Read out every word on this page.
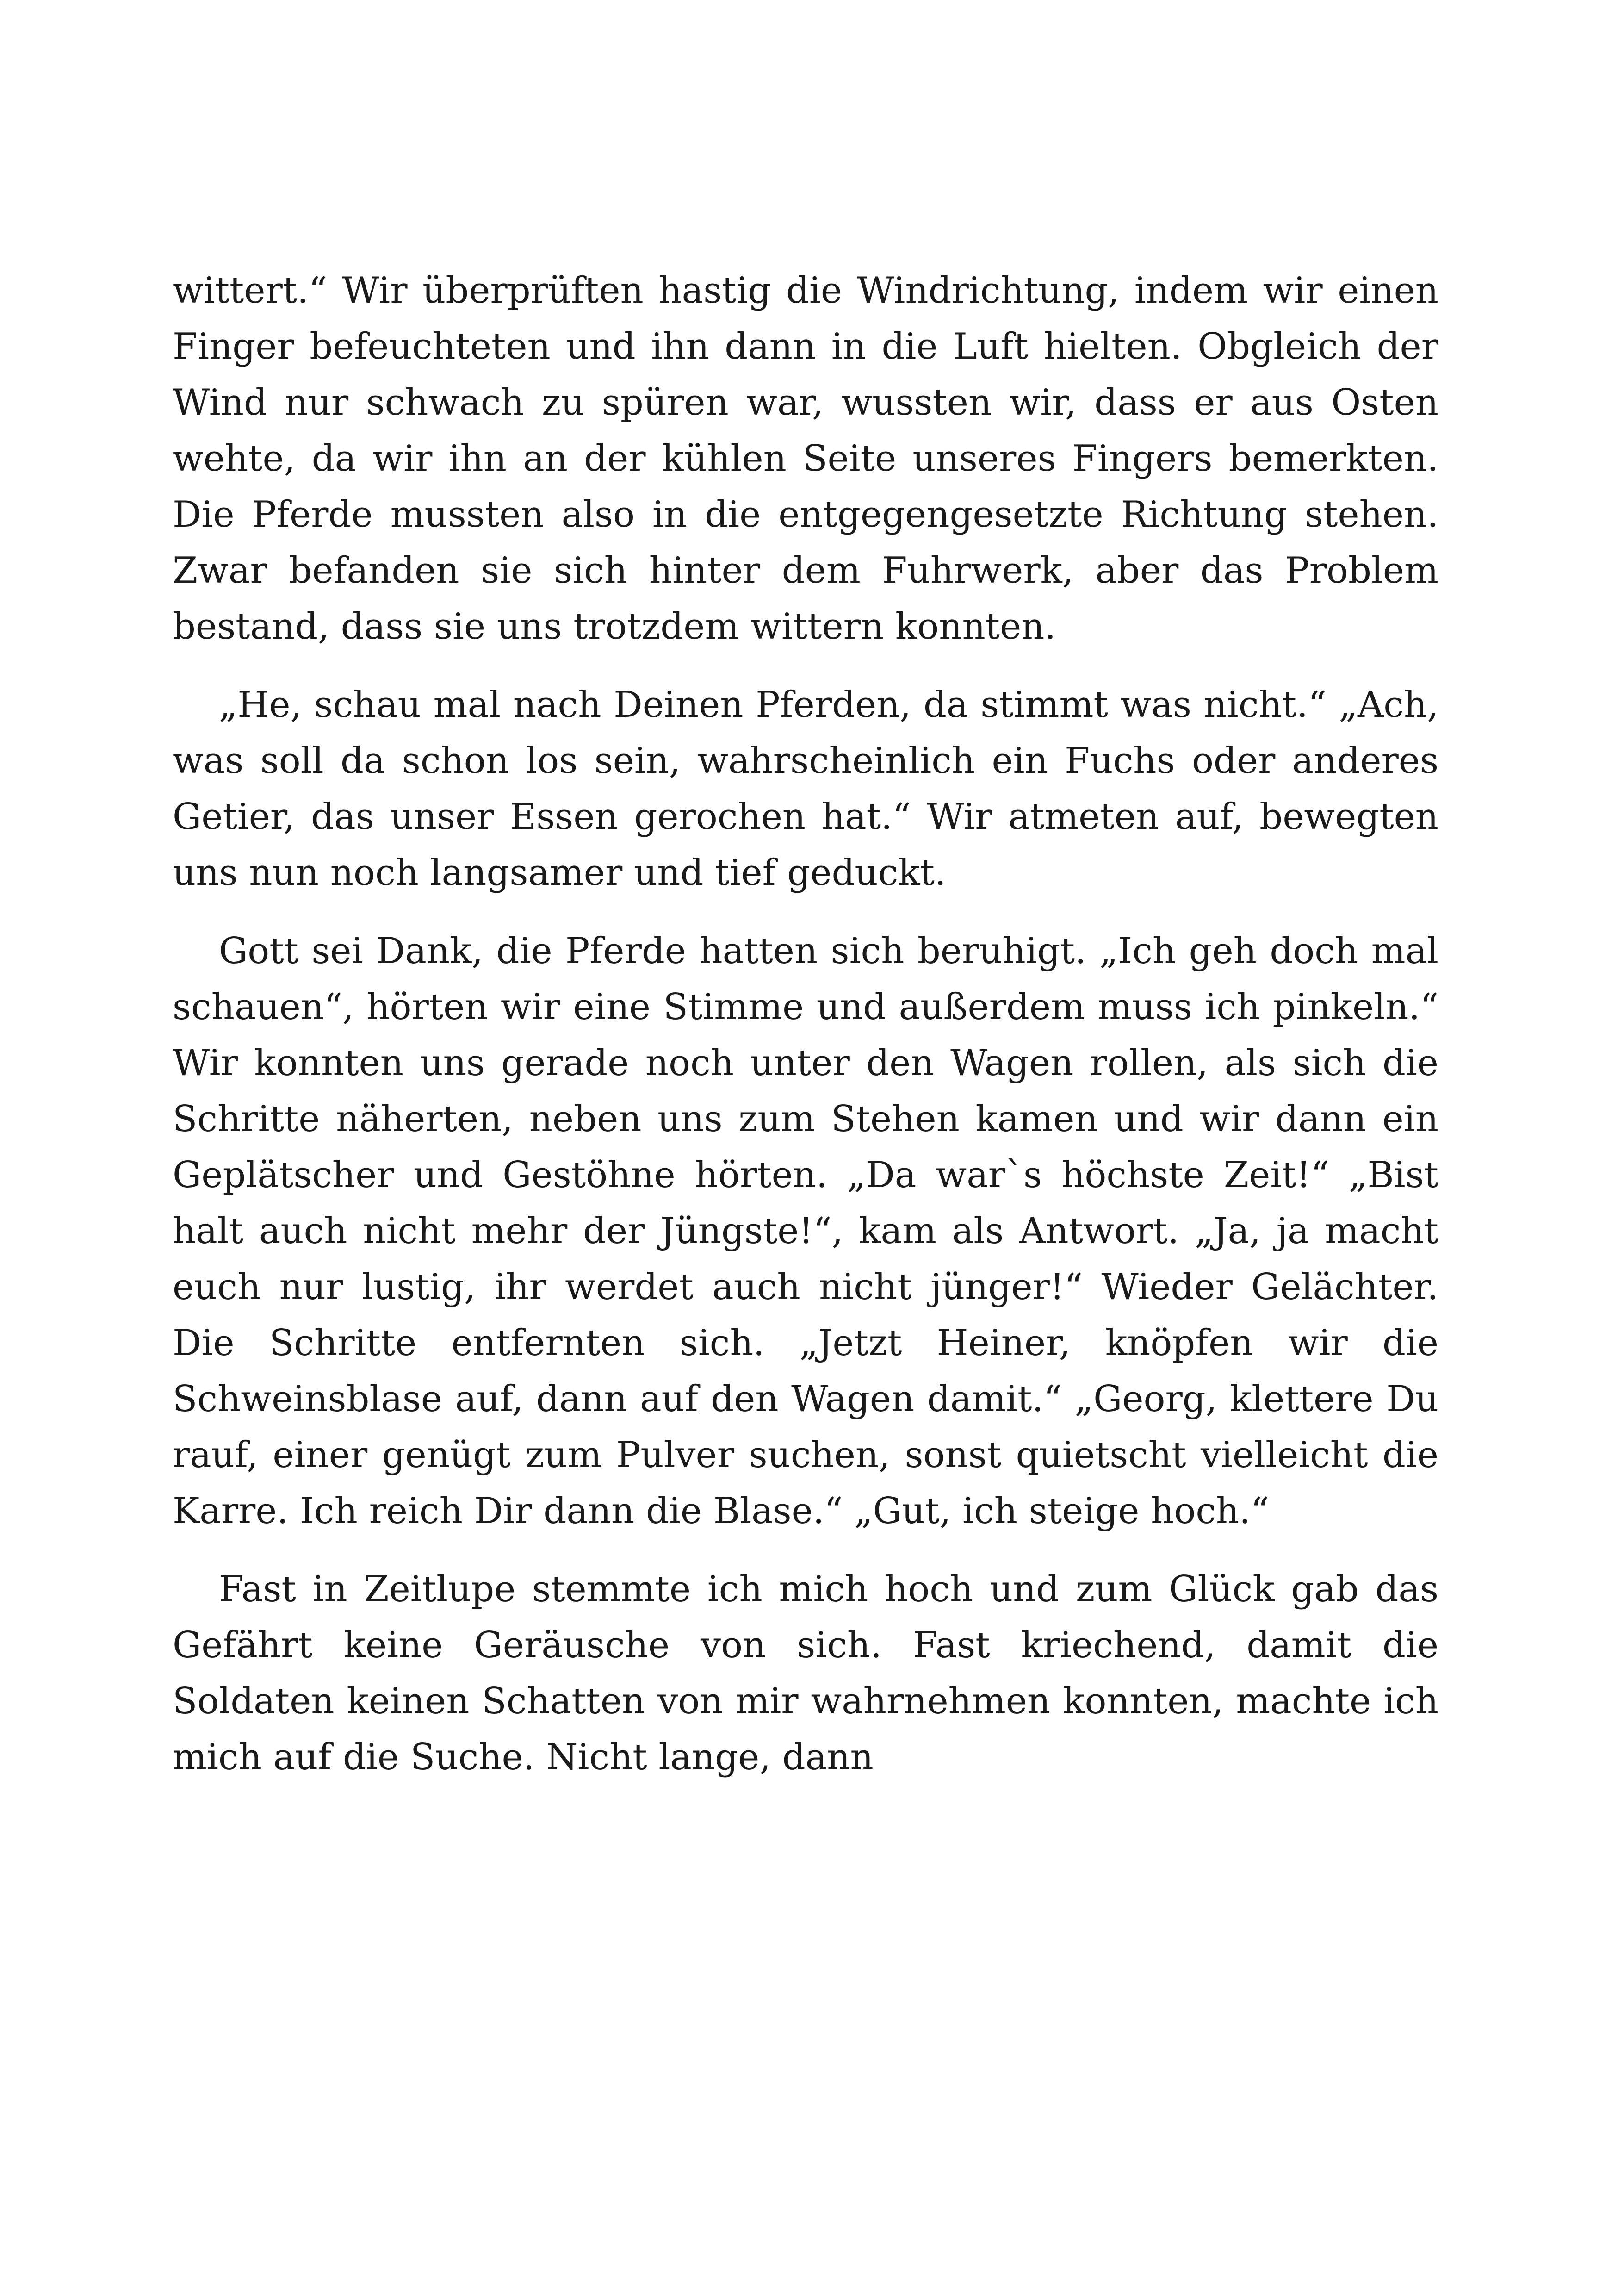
wittert.“ Wir überprüften hastig die Windrichtung, indem wir einen Finger befeuchteten und ihn dann in die Luft hielten. Obgleich der Wind nur schwach zu spüren war, wussten wir, dass er aus Osten wehte, da wir ihn an der kühlen Seite unseres Fingers bemerkten. Die Pferde mussten also in die entgegengesetzte Richtung stehen. Zwar befanden sie sich hinter dem Fuhrwerk, aber das Problem bestand, dass sie uns trotzdem wittern konnten.

„He, schau mal nach Deinen Pferden, da stimmt was nicht.“ „Ach, was soll da schon los sein, wahrscheinlich ein Fuchs oder anderes Getier, das unser Essen gerochen hat.“ Wir atmeten auf, bewegten uns nun noch langsamer und tief geduckt.

Gott sei Dank, die Pferde hatten sich beruhigt. „Ich geh doch mal schauen“, hörten wir eine Stimme und außerdem muss ich pinkeln.“ Wir konnten uns gerade noch unter den Wagen rollen, als sich die Schritte näherten, neben uns zum Stehen kamen und wir dann ein Geplätscher und Gestöhne hörten. „Da war`s höchste Zeit!“ „Bist halt auch nicht mehr der Jüngste!“, kam als Antwort. „Ja, ja macht euch nur lustig, ihr werdet auch nicht jünger!“ Wieder Gelächter. Die Schritte entfernten sich. „Jetzt Heiner, knöpfen wir die Schweinsblase auf, dann auf den Wagen damit.“ „Georg, klettere Du rauf, einer genügt zum Pulver suchen, sonst quietscht vielleicht die Karre. Ich reich Dir dann die Blase.“ „Gut, ich steige hoch.“

Fast in Zeitlupe stemmte ich mich hoch und zum Glück gab das Gefährt keine Geräusche von sich. Fast kriechend, damit die Soldaten keinen Schatten von mir wahrnehmen konnten, machte ich mich auf die Suche. Nicht lange, dann
